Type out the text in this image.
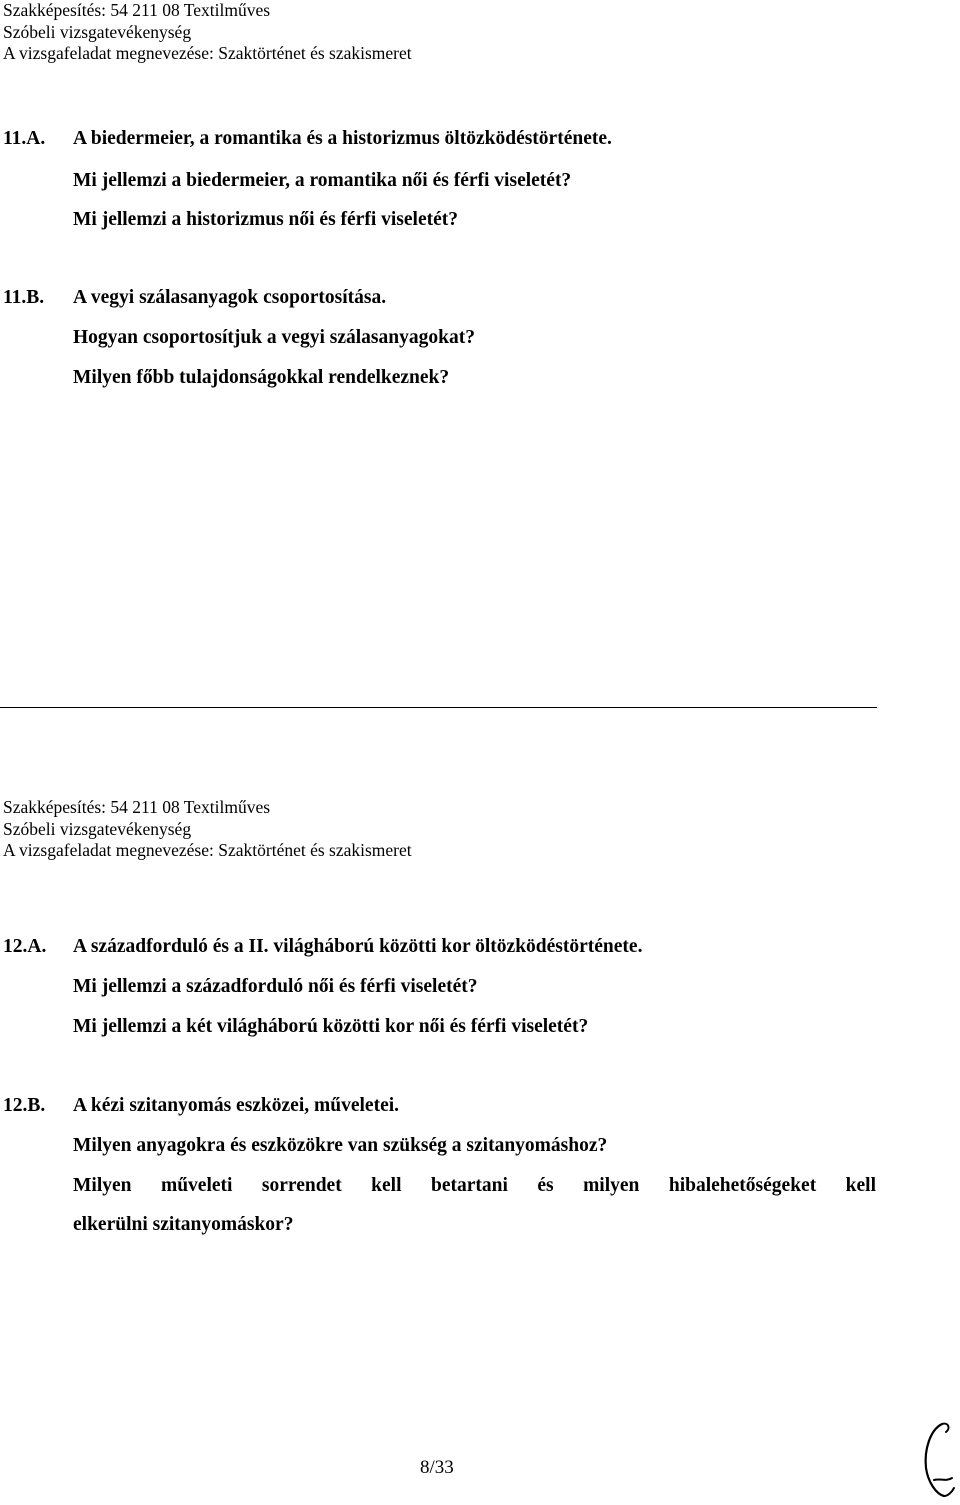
Szakképesítés: 54 211 08 Textilműves
Szóbeli vizsgatevékenység
A vizsgafeladat megnevezése: Szaktörténet és szakismeret
11.A. A biedermeier, a romantika és a historizmus öltözködéstörténete.
Mi jellemzi a biedermeier, a romantika női és férfi viseletét?
Mi jellemzi a historizmus női és férfi viseletét?
11.B. A vegyi szálasanyagok csoportosítása.
Hogyan csoportosítjuk a vegyi szálasanyagokat?
Milyen főbb tulajdonságokkal rendelkeznek?
Szakképesítés: 54 211 08 Textilműves
Szóbeli vizsgatevékenység
A vizsgafeladat megnevezése: Szaktörténet és szakismeret
12.A. A századforduló és a II. világháború közötti kor öltözködéstörténete.
Mi jellemzi a századforduló női és férfi viseletét?
Mi jellemzi a két világháború közötti kor női és férfi viseletét?
12.B. A kézi szitanyomás eszközei, műveletei.
Milyen anyagokra és eszközökre van szükség a szitanyomáshoz?
Milyen műveleti sorrendet kell betartani és milyen hibalehetőségeket kell
elkerülni szitanyomáskor?
8/33
